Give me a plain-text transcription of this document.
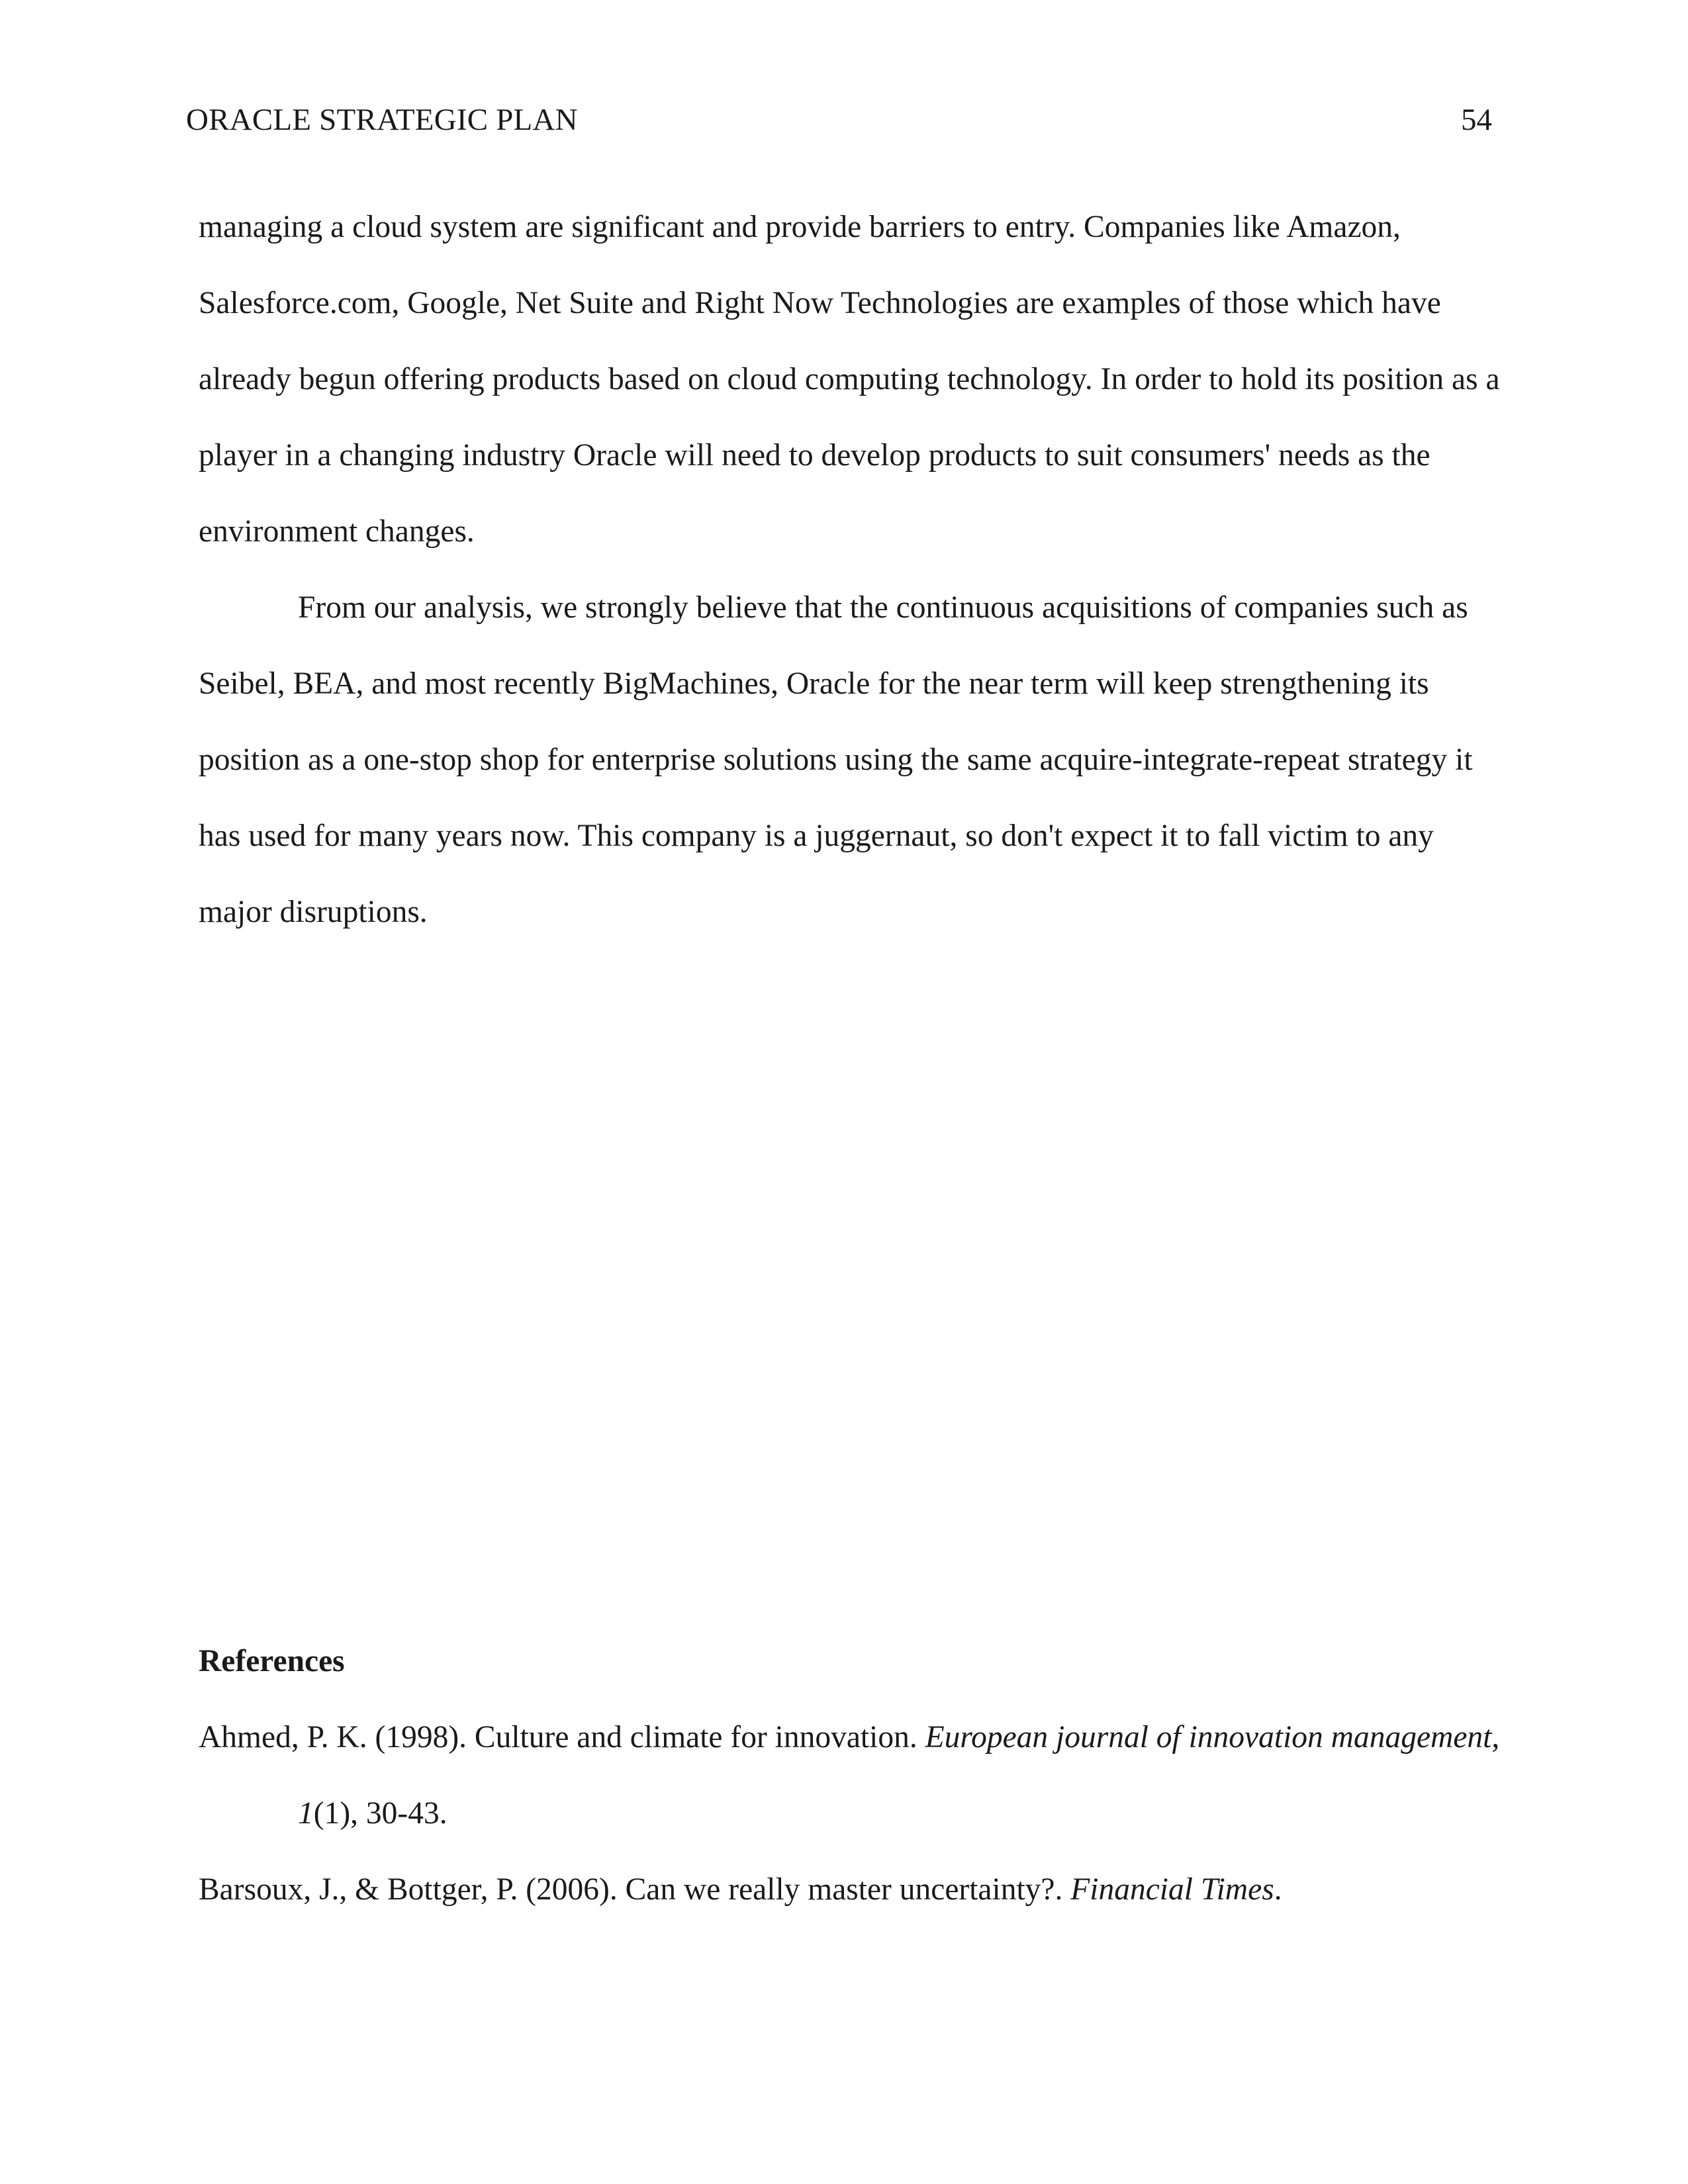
ORACLE STRATEGIC PLAN	54

managing a cloud system are significant and provide barriers to entry. Companies like Amazon, Salesforce.com, Google, Net Suite and Right Now Technologies are examples of those which have already begun offering products based on cloud computing technology. In order to hold its position as a player in a changing industry Oracle will need to develop products to suit consumers' needs as the environment changes.

From our analysis, we strongly believe that the continuous acquisitions of companies such as Seibel, BEA, and most recently BigMachines, Oracle for the near term will keep strengthening its position as a one-stop shop for enterprise solutions using the same acquire-integrate-repeat strategy it has used for many years now. This company is a juggernaut, so don't expect it to fall victim to any major disruptions.

References

Ahmed, P. K. (1998). Culture and climate for innovation. European journal of innovation management, 1(1), 30-43.

Barsoux, J., & Bottger, P. (2006). Can we really master uncertainty?. Financial Times.
